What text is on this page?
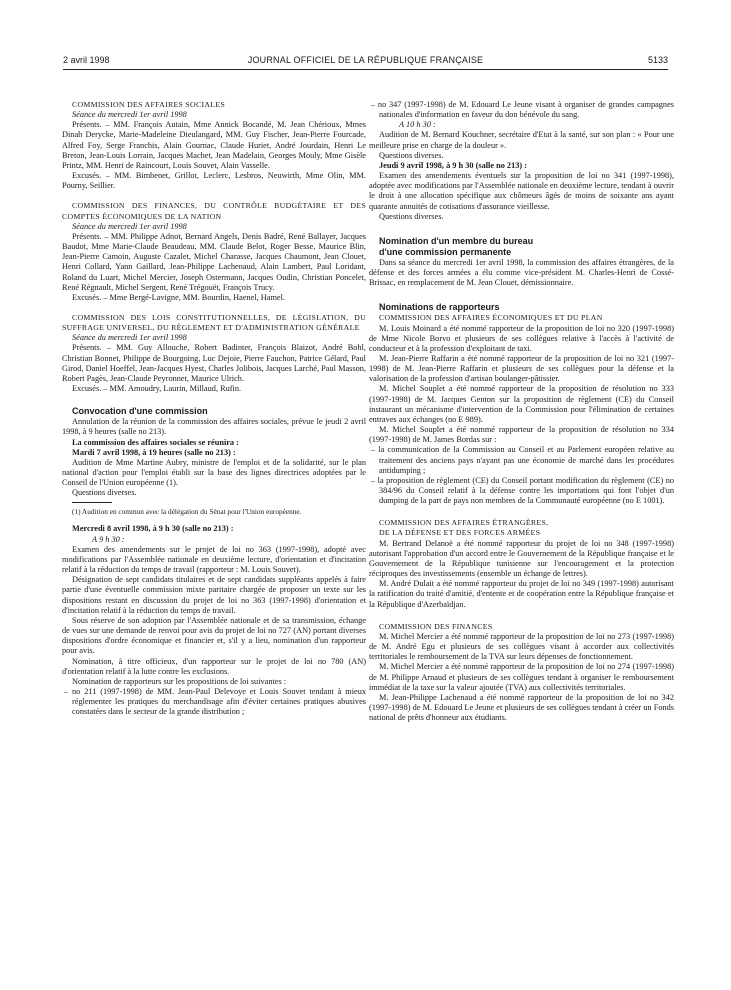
2 avril 1998	JOURNAL OFFICIEL DE LA RÉPUBLIQUE FRANÇAISE	5133

COMMISSION DES AFFAIRES SOCIALES

Séance du mercredi 1er avril 1998

Présents. – MM. François Autain, Mme Annick Bocandé, M. Jean Chérioux, Mmes Dinah Derycke, Marie-Madeleine Dieulangard, MM. Guy Fischer, Jean-Pierre Fourcade, Alfred Foy, Serge Franchis, Alain Gournac, Claude Huriet, André Jourdain, Henri Le Breton, Jean-Louis Lorrain, Jacques Machet, Jean Madelain, Georges Mouly, Mme Gisèle Printz, MM. Henri de Raincourt, Louis Souvet, Alain Vasselle.

Excusés. – MM. Bimbenet, Grillot, Leclerc, Lesbros, Neuwirth, Mme Olin, MM. Pourny, Seillier.

COMMISSION DES FINANCES, DU CONTRÔLE BUDGÉTAIRE ET DES COMPTES ÉCONOMIQUES DE LA NATION

Séance du mercredi 1er avril 1998

Présents. – MM. Philippe Adnot, Bernard Angels, Denis Badré, René Ballayer, Jacques Baudot, Mme Marie-Claude Beaudeau, MM. Claude Belot, Roger Besse, Maurice Blin, Jean-Pierre Camoin, Auguste Cazalet, Michel Charasse, Jacques Chaumont, Jean Clouet, Henri Collard, Yann Gaillard, Jean-Philippe Lachenaud, Alain Lambert, Paul Loridant, Roland du Luart, Michel Mercier, Joseph Ostermann, Jacques Oudin, Christian Poncelet, René Régnault, Michel Sergent, René Trégouët, François Trucy.

Excusés. – Mme Bergé-Lavigne, MM. Bourdin, Haenel, Hamel.

COMMISSION DES LOIS CONSTITUTIONNELLES, DE LÉGISLATION, DU SUFFRAGE UNIVERSEL, DU RÈGLEMENT ET D'ADMINISTRATION GÉNÉRALE

Séance du mercredi 1er avril 1998

Présents. – MM. Guy Allouche, Robert Badinter, François Blaizot, André Bohl, Christian Bonnet, Philippe de Bourgoing, Luc Dejoie, Pierre Fauchon, Patrice Gélard, Paul Girod, Daniel Hoeffel, Jean-Jacques Hyest, Charles Jolibois, Jacques Larché, Paul Masson, Robert Pagès, Jean-Claude Peyronnet, Maurice Ulrich.

Excusés. – MM. Amoudry, Laurin, Millaud, Rufin.

Convocation d'une commission

Annulation de la réunion de la commission des affaires sociales, prévue le jeudi 2 avril 1998, à 9 heures (salle no 213).

La commission des affaires sociales se réunira :

Mardi 7 avril 1998, à 19 heures (salle no 213) :

Audition de Mme Martine Aubry, ministre de l'emploi et de la solidarité, sur le plan national d'action pour l'emploi établi sur la base des lignes directrices adoptées par le Conseil de l'Union européenne (1).

Questions diverses.

(1) Audition en commun avec la délégation du Sénat pour l'Union européenne.

Mercredi 8 avril 1998, à 9 h 30 (salle no 213) :

A 9 h 30 :

Examen des amendements sur le projet de loi no 363 (1997-1998), adopté avec modifications par l'Assemblée nationale en deuxième lecture, d'orientation et d'incitation relatif à la réduction du temps de travail (rapporteur : M. Louis Souvet).

Désignation de sept candidats titulaires et de sept candidats suppléants appelés à faire partie d'une éventuelle commission mixte paritaire chargée de proposer un texte sur les dispositions restant en discussion du projet de loi no 363 (1997-1998) d'orientation et d'incitation relatif à la réduction du temps de travail.

Sous réserve de son adoption par l'Assemblée nationale et de sa transmission, échange de vues sur une demande de renvoi pour avis du projet de loi no 727 (AN) portant diverses dispositions d'ordre économique et financier et, s'il y a lieu, nomination d'un rapporteur pour avis.

Nomination, à titre officieux, d'un rapporteur sur le projet de loi no 780 (AN) d'orientation relatif à la lutte contre les exclusions.

Nomination de rapporteurs sur les propositions de loi suivantes :

– no 211 (1997-1998) de MM. Jean-Paul Delevoye et Louis Souvet tendant à mieux réglementer les pratiques du merchandisage afin d'éviter certaines pratiques abusives constatées dans le secteur de la grande distribution ;

– no 347 (1997-1998) de M. Edouard Le Jeune visant à organiser de grandes campagnes nationales d'information en faveur du don bénévole du sang.

A 10 h 30 :

Audition de M. Bernard Kouchner, secrétaire d'Etat à la santé, sur son plan : « Pour une meilleure prise en charge de la douleur ».

Questions diverses.

Jeudi 9 avril 1998, à 9 h 30 (salle no 213) :

Examen des amendements éventuels sur la proposition de loi no 341 (1997-1998), adoptée avec modifications par l'Assemblée nationale en deuxième lecture, tendant à ouvrir le droit à une allocation spécifique aux chômeurs âgés de moins de soixante ans ayant quarante annuités de cotisations d'assurance vieillesse.

Questions diverses.

Nomination d'un membre du bureau

d'une commission permanente

Dans sa séance du mercredi 1er avril 1998, la commission des affaires étrangères, de la défense et des forces armées a élu comme vice-président M. Charles-Henri de Cossé-Brissac, en remplacement de M. Jean Clouet, démissionnaire.

Nominations de rapporteurs

COMMISSION DES AFFAIRES ÉCONOMIQUES ET DU PLAN

M. Louis Moinard a été nommé rapporteur de la proposition de loi no 320 (1997-1998) de Mme Nicole Borvo et plusieurs de ses collègues relative à l'accès à l'activité de conducteur et à la profession d'exploitant de taxi.

M. Jean-Pierre Raffarin a été nommé rapporteur de la proposition de loi no 321 (1997-1998) de M. Jean-Pierre Raffarin et plusieurs de ses collègues pour la défense et la valorisation de la profession d'artisan boulanger-pâtissier.

M. Michel Souplet a été nommé rapporteur de la proposition de résolution no 333 (1997-1998) de M. Jacques Genton sur la proposition de règlement (CE) du Conseil instaurant un mécanisme d'intervention de la Commission pour l'élimination de certaines entraves aux échanges (no E 989).

M. Michel Souplet a été nommé rapporteur de la proposition de résolution no 334 (1997-1998) de M. James Bordas sur :

– la communication de la Commission au Conseil et au Parlement européen relative au traitement des anciens pays n'ayant pas une économie de marché dans les procédures antidumping ;

– la proposition de règlement (CE) du Conseil portant modification du règlement (CE) no 384/96 du Conseil relatif à la défense contre les importations qui font l'objet d'un dumping de la part de pays non membres de la Communauté européenne (no E 1001).

COMMISSION DES AFFAIRES ÉTRANGÈRES,

DE LA DÉFENSE ET DES FORCES ARMÉES

M. Bertrand Delanoë a été nommé rapporteur du projet de loi no 348 (1997-1998) autorisant l'approbation d'un accord entre le Gouvernement de la République française et le Gouvernement de la République tunisienne sur l'encouragement et la protection réciproques des investissements (ensemble un échange de lettres).

M. André Dulait a été nommé rapporteur du projet de loi no 349 (1997-1998) autorisant la ratification du traité d'amitié, d'entente et de coopération entre la République française et la République d'Azerbaïdjan.

COMMISSION DES FINANCES

M. Michel Mercier a été nommé rapporteur de la proposition de loi no 273 (1997-1998) de M. André Egu et plusieurs de ses collègues visant à accorder aux collectivités territoriales le remboursement de la TVA sur leurs dépenses de fonctionnement.

M. Michel Mercier a été nommé rapporteur de la proposition de loi no 274 (1997-1998) de M. Philippe Arnaud et plusieurs de ses collègues tendant à organiser le remboursement immédiat de la taxe sur la valeur ajoutée (TVA) aux collectivités territoriales.

M. Jean-Philippe Lachenaud a été nommé rapporteur de la proposition de loi no 342 (1997-1998) de M. Edouard Le Jeune et plusieurs de ses collègues tendant à créer un Fonds national de prêts d'honneur aux étudiants.
